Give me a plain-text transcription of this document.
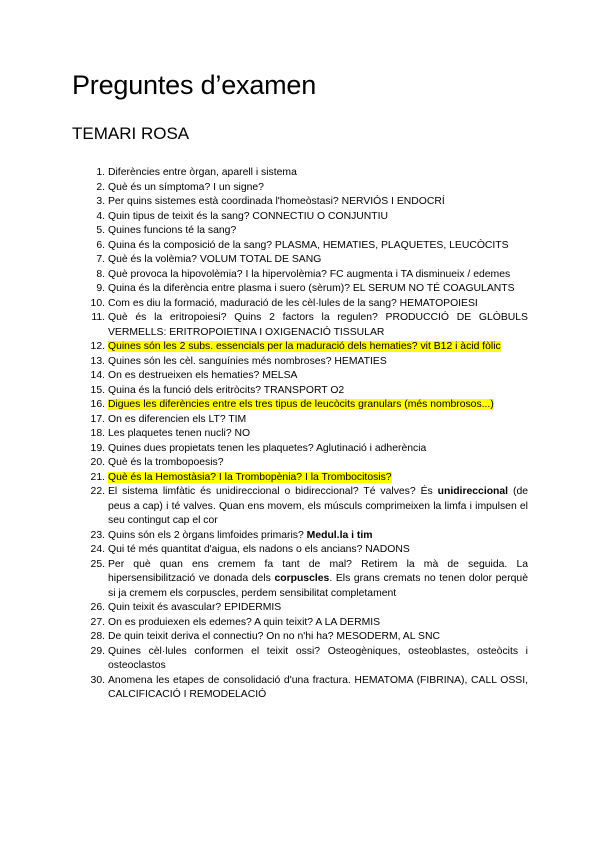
Preguntes d’examen
TEMARI ROSA
1. Diferències entre òrgan, aparell i sistema
2. Què és un símptoma? I un signe?
3. Per quins sistemes està coordinada l'homeòstasi? NERVIÓS I ENDOCRÍ
4. Quin tipus de teixit és la sang? CONNECTIU O CONJUNTIU
5. Quines funcions té la sang?
6. Quina és la composició de la sang? PLASMA, HEMATIES, PLAQUETES, LEUCÒCITS
7. Què és la volèmia? VOLUM TOTAL DE SANG
8. Què provoca la hipovolèmia? I la hipervolèmia? FC augmenta i TA disminueix / edemes
9. Quina és la diferència entre plasma i suero (sèrum)? EL SERUM NO TÉ COAGULANTS
10. Com es diu la formació, maduració de les cèl·lules de la sang? HEMATOPOIESI
11. Què és la eritropoiesi? Quins 2 factors la regulen? PRODUCCIÓ DE GLÒBULS VERMELLS: ERITROPOIETINA I OXIGENACIÓ TISSULAR
12. Quines són les 2 subs. essencials per la maduració dels hematies? vit B12 i àcid fòlic
13. Quines són les cèl. sanguínies més nombroses? HEMATIES
14. On es destrueixen els hematies? MELSA
15. Quina és la funció dels eritròcits? TRANSPORT O2
16. Digues les diferències entre els tres tipus de leucòcits granulars (més nombrosos...)
17. On es diferencien els LT? TIM
18. Les plaquetes tenen nucli? NO
19. Quines dues propietats tenen les plaquetes? Aglutinació i adherència
20. Què és la trombopoesis?
21. Què és la Hemostàsia? I la Trombopènia? I la Trombocitosis?
22. El sistema limfàtic és unidireccional o bidireccional? Té valves? És unidireccional (de peus a cap) i té valves. Quan ens movem, els músculs comprimeixen la limfa i impulsen el seu contingut cap el cor
23. Quins són els 2 òrgans limfoides primaris? Medul.la i tim
24. Qui té més quantitat d'aigua, els nadons o els ancians? NADONS
25. Per què quan ens cremem fa tant de mal? Retirem la mà de seguida. La hipersensibilització ve donada dels corpuscles. Els grans cremats no tenen dolor perquè si ja cremem els corpuscles, perdem sensibilitat completament
26. Quin teixit és avascular? EPIDERMIS
27. On es produiexen els edemes? A quin teixit? A LA DERMIS
28. De quin teixit deriva el connectiu? On no n'hi ha? MESODERM, AL SNC
29. Quines cèl·lules conformen el teixit ossi? Osteogèniques, osteoblastes, osteòcits i osteoclastos
30. Anomena les etapes de consolidació d'una fractura. HEMATOMA (FIBRINA), CALL OSSI, CALCIFICACIÓ I REMODELACIÓ
